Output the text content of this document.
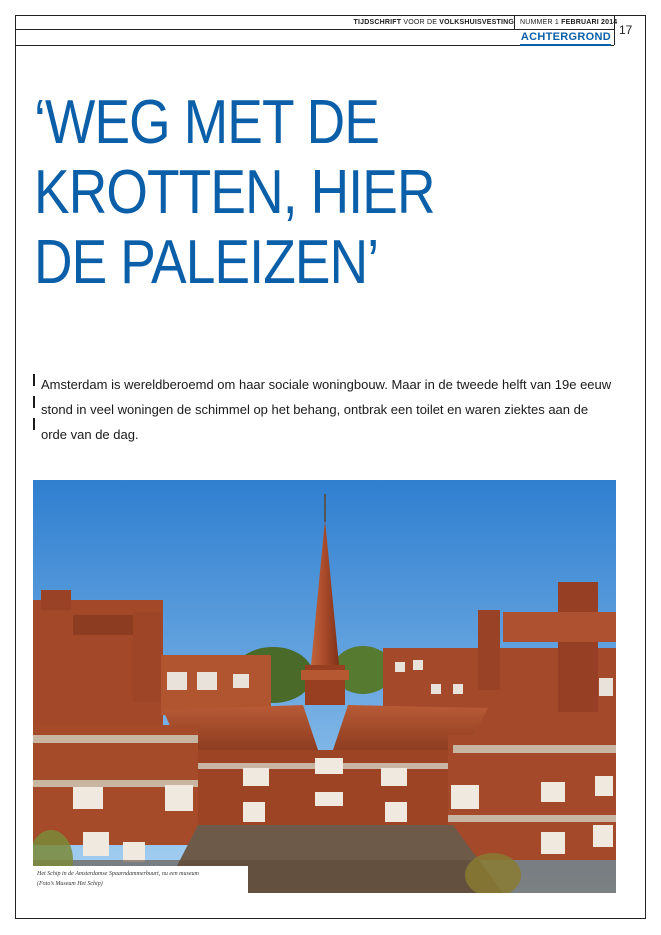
TIJDSCHRIFT VOOR DE VOLKSHUISVESTING NUMMER 1 FEBRUARI 2014
ACHTERGROND 17
‘WEG MET DE
KROTTEN, HIER
DE PALEIZEN’

Amsterdam is wereldberoemd om haar sociale woningbouw. Maar in de tweede helft van 19e eeuw stond in veel woningen de schimmel op het behang, ontbrak een toilet en waren ziektes aan de orde van de dag.

Het Schip in de Amsterdamse Spaarndammerbuurt, nu een museum
(Foto’s Museum Het Schip)
